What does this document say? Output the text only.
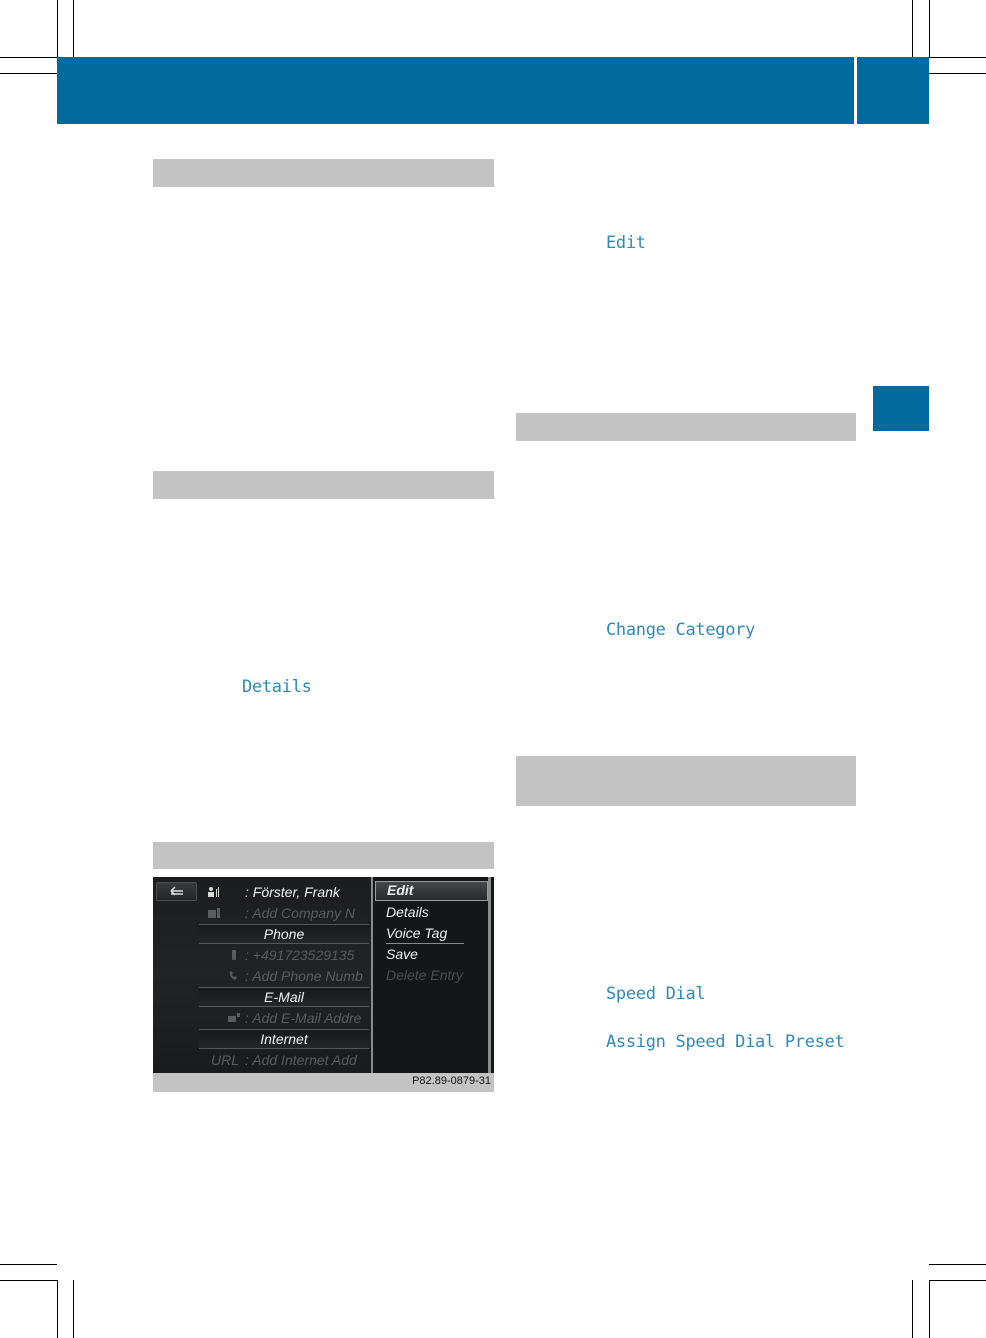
Edit
Details
Change Category
Speed Dial
Assign Speed Dial Preset
: Förster, Frank
: Add Company N
Phone
: +491723529135
: Add Phone Numb
E-Mail
: Add E-Mail Addre
Internet
URL : Add Internet Add
Edit
Details
Voice Tag
Save
Delete Entry
P82.89-0879-31
